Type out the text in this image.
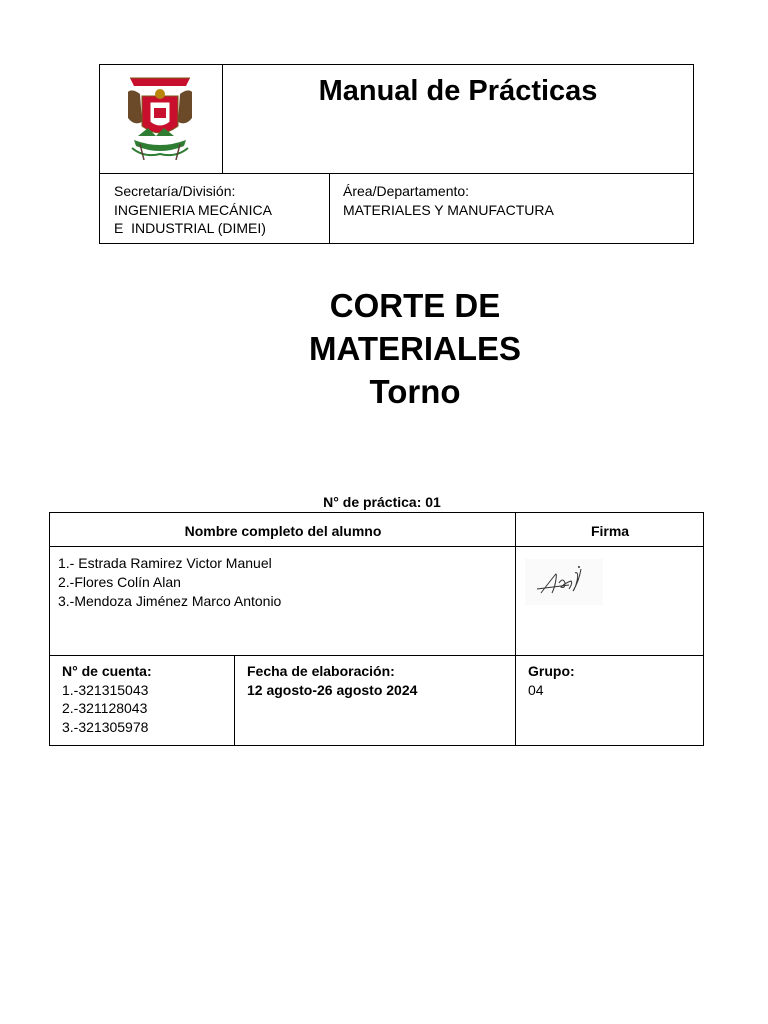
Manual de Prácticas
Secretaría/División:
INGENIERIA MECÁNICA
E  INDUSTRIAL (DIMEI)
Área/Departamento:
MATERIALES Y MANUFACTURA
CORTE DE
MATERIALES
Torno
N° de práctica: 01
Nombre completo del alumno	Firma
1.- Estrada Ramirez Victor Manuel
2.-Flores Colín Alan
3.-Mendoza Jiménez Marco Antonio
N° de cuenta:
1.-321315043
2.-321128043
3.-321305978
Fecha de elaboración:
12 agosto-26 agosto 2024
Grupo:
04
